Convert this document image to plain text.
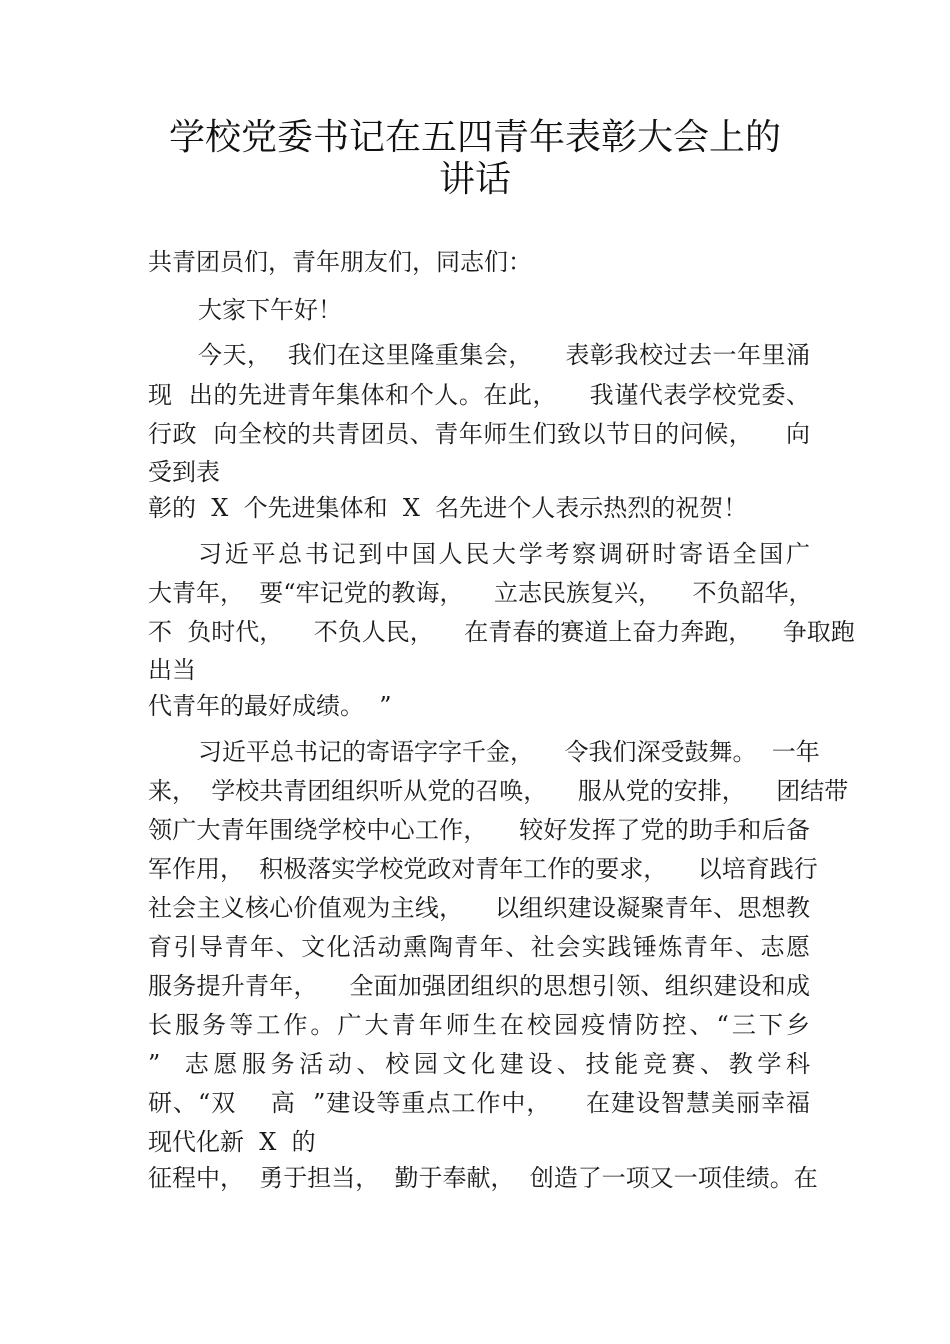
学校党委书记在五四青年表彰大会上的
讲话
共青团员们，青年朋友们，同志们：
大家下午好！
今天，  我们在这里隆重集会，    表彰我校过去一年里涌
现  出的先进青年集体和个人。在此，    我谨代表学校党委、
行政  向全校的共青团员、青年师生们致以节日的问候，    向
受到表
彰的  X  个先进集体和  X  名先进个人表示热烈的祝贺！
习近平总书记到中国人民大学考察调研时寄语全国广
大青年，  要“牢记党的教诲，    立志民族复兴，    不负韶华，
不  负时代，    不负人民，    在青春的赛道上奋力奔跑，    争取跑
出当
代青年的最好成绩。  ”
习近平总书记的寄语字字千金，    令我们深受鼓舞。  一年
来，  学校共青团组织听从党的召唤，    服从党的安排，    团结带
领广大青年围绕学校中心工作，    较好发挥了党的助手和后备
军作用，  积极落实学校党政对青年工作的要求，    以培育践行
社会主义核心价值观为主线，    以组织建设凝聚青年、思想教
育引导青年、文化活动熏陶青年、社会实践锤炼青年、志愿
服务提升青年，    全面加强团组织的思想引领、组织建设和成
长服务等工作。广大青年师生在校园疫情防控、“三下乡
”  志愿服务活动、校园文化建设、技能竞赛、教学科
研、“双    高  ”建设等重点工作中，    在建设智慧美丽幸福
现代化新  X  的
征程中，  勇于担当，  勤于奉献，  创造了一项又一项佳绩。在
